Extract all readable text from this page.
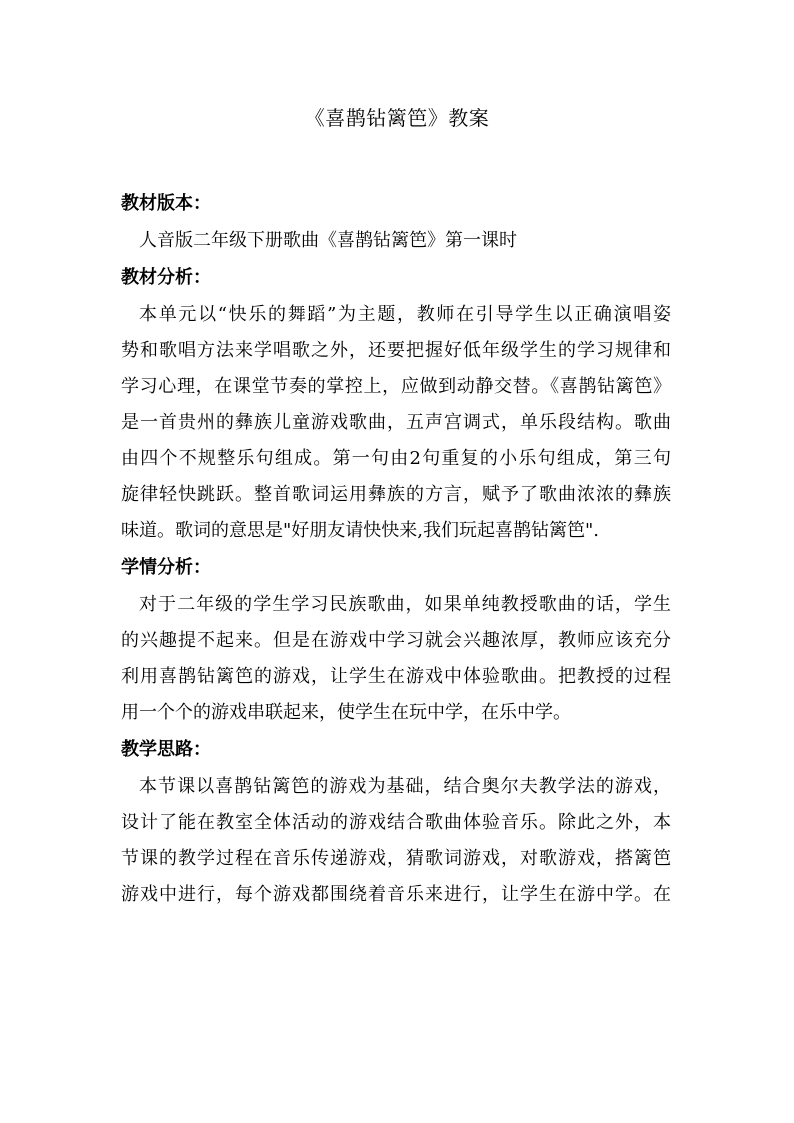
《喜鹊钻篱笆》教案
教材版本：
人音版二年级下册歌曲《喜鹊钻篱笆》第一课时
教材分析：
本单元以“快乐的舞蹈”为主题，教师在引导学生以正确演唱姿
势和歌唱方法来学唱歌之外，还要把握好低年级学生的学习规律和
学习心理，在课堂节奏的掌控上，应做到动静交替。《喜鹊钻篱笆》
是一首贵州的彝族儿童游戏歌曲，五声宫调式，单乐段结构。歌曲
由四个不规整乐句组成。第一句由2句重复的小乐句组成，第三句
旋律轻快跳跃。整首歌词运用彝族的方言，赋予了歌曲浓浓的彝族
味道。歌词的意思是"好朋友请快快来,我们玩起喜鹊钻篱笆".
学情分析：
对于二年级的学生学习民族歌曲，如果单纯教授歌曲的话，学生
的兴趣提不起来。但是在游戏中学习就会兴趣浓厚，教师应该充分
利用喜鹊钻篱笆的游戏，让学生在游戏中体验歌曲。把教授的过程
用一个个的游戏串联起来，使学生在玩中学，在乐中学。
教学思路：
本节课以喜鹊钻篱笆的游戏为基础，结合奥尔夫教学法的游戏，
设计了能在教室全体活动的游戏结合歌曲体验音乐。除此之外，本
节课的教学过程在音乐传递游戏，猜歌词游戏，对歌游戏，搭篱笆
游戏中进行，每个游戏都围绕着音乐来进行，让学生在游中学。在
